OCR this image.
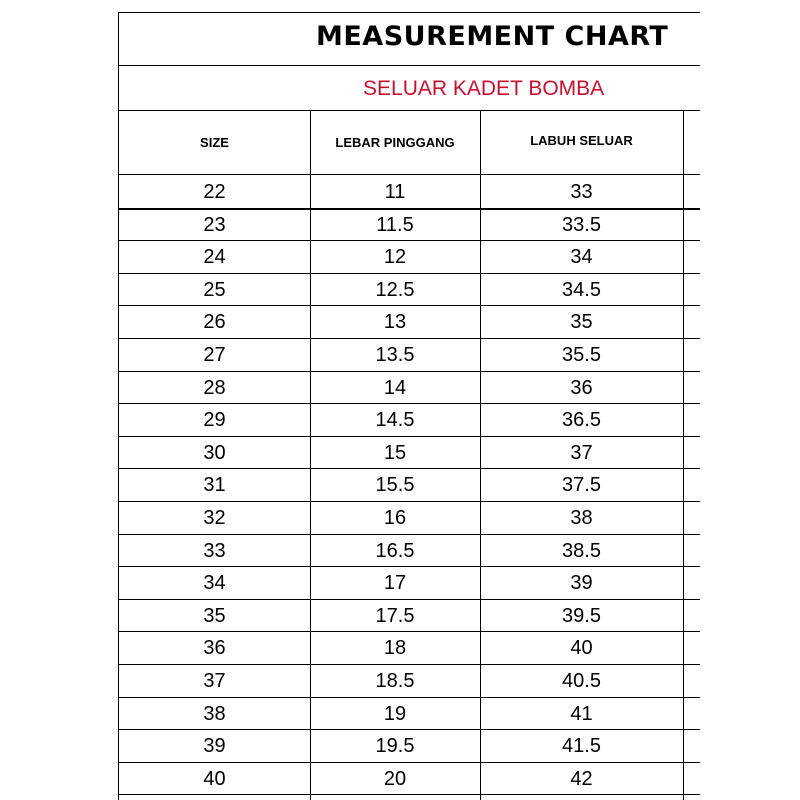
MEASUREMENT CHART
SELUAR KADET BOMBA
SIZE	LEBAR PINGGANG	LABUH SELUAR
22	11	33
23	11.5	33.5
24	12	34
25	12.5	34.5
26	13	35
27	13.5	35.5
28	14	36
29	14.5	36.5
30	15	37
31	15.5	37.5
32	16	38
33	16.5	38.5
34	17	39
35	17.5	39.5
36	18	40
37	18.5	40.5
38	19	41
39	19.5	41.5
40	20	42
